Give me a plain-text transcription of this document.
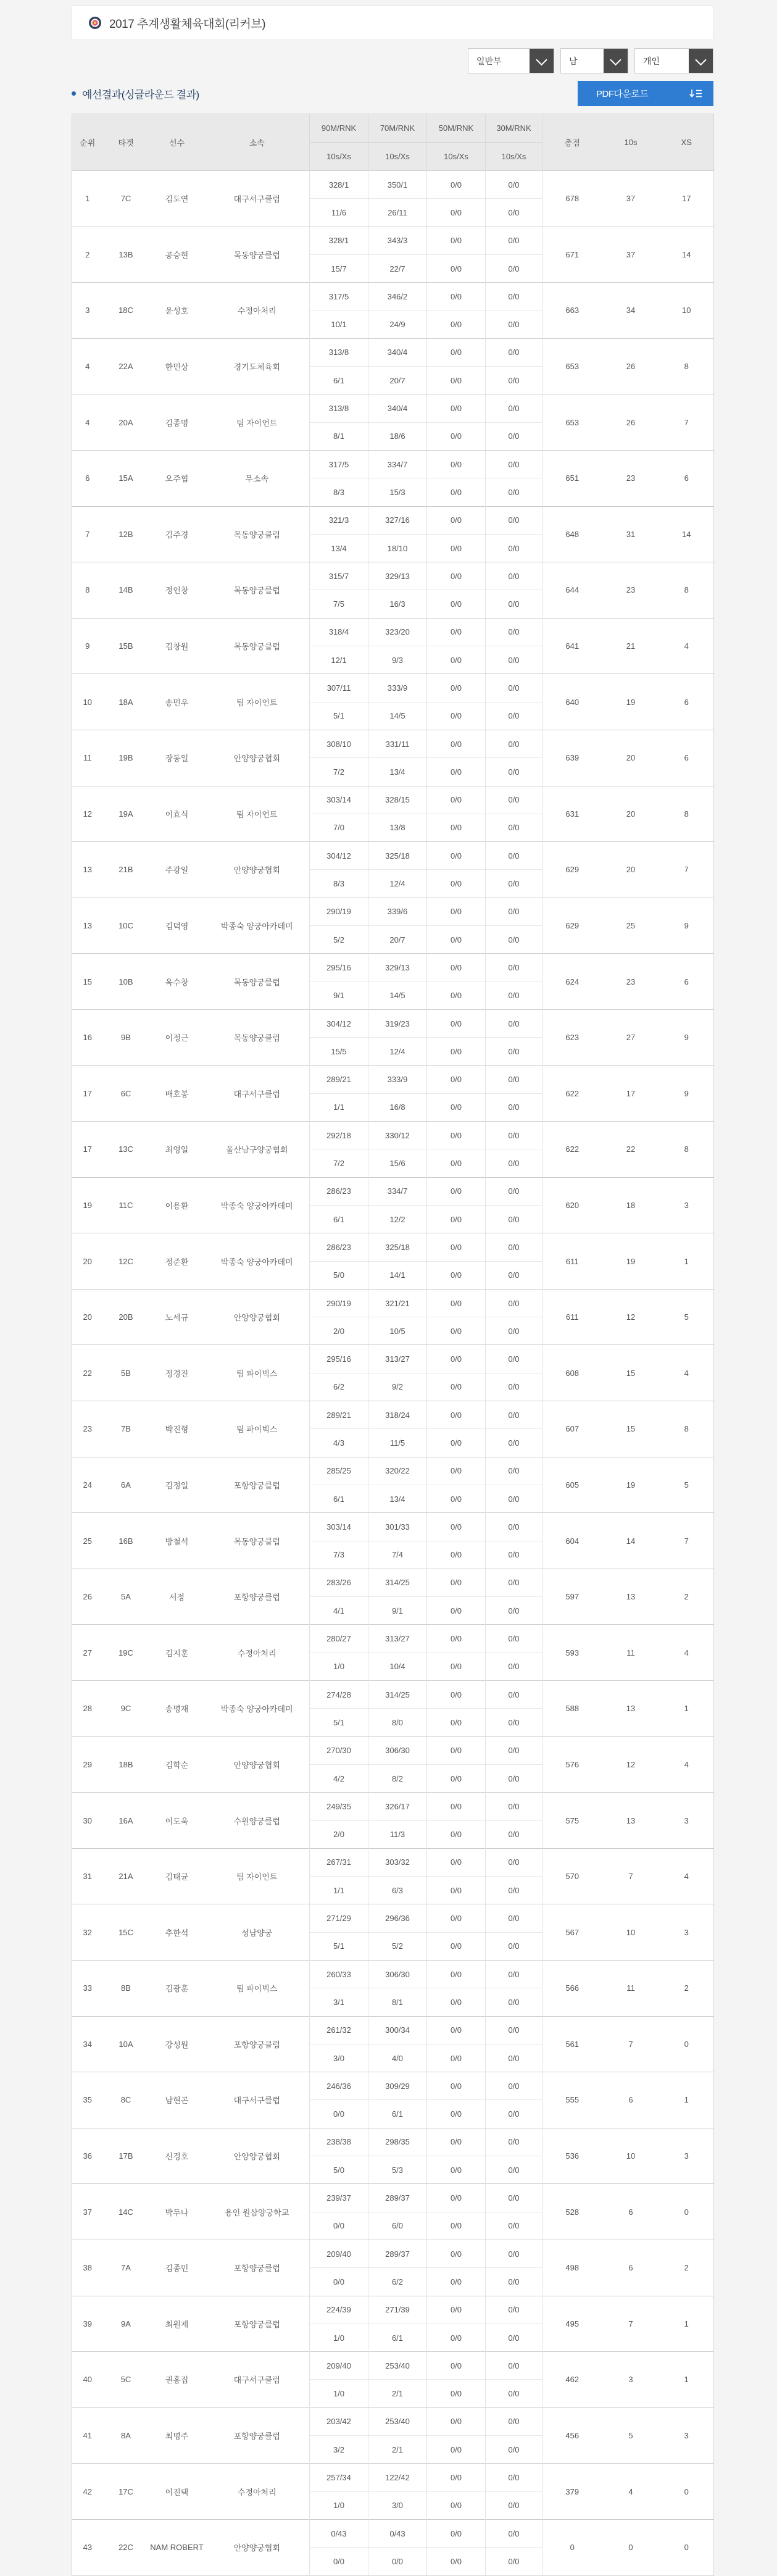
2017 추계생활체육대회(리커브)
일반부	남	개인
예선결과(싱글라운드 결과)	PDF다운로드
순위	타겟	선수	소속	90M/RNK	70M/RNK	50M/RNK	30M/RNK	총점	10s	XS
				10s/Xs	10s/Xs	10s/Xs	10s/Xs			
1	7C	김도연	대구서구클럽	328/1	350/1	0/0	0/0	678	37	17
				11/6	26/11	0/0	0/0			
2	13B	공승현	목동양궁클럽	328/1	343/3	0/0	0/0	671	37	14
				15/7	22/7	0/0	0/0			
3	18C	윤성호	수정아처리	317/5	346/2	0/0	0/0	663	34	10
				10/1	24/9	0/0	0/0			
4	22A	한민상	경기도체육회	313/8	340/4	0/0	0/0	653	26	8
				6/1	20/7	0/0	0/0			
4	20A	김종명	팀 자이언트	313/8	340/4	0/0	0/0	653	26	7
				8/1	18/6	0/0	0/0			
6	15A	오주협	무소속	317/5	334/7	0/0	0/0	651	23	6
				8/3	15/3	0/0	0/0			
7	12B	김주경	목동양궁클럽	321/3	327/16	0/0	0/0	648	31	14
				13/4	18/10	0/0	0/0			
8	14B	정인창	목동양궁클럽	315/7	329/13	0/0	0/0	644	23	8
				7/5	16/3	0/0	0/0			
9	15B	김창원	목동양궁클럽	318/4	323/20	0/0	0/0	641	21	4
				12/1	9/3	0/0	0/0			
10	18A	송민우	팀 자이언트	307/11	333/9	0/0	0/0	640	19	6
				5/1	14/5	0/0	0/0			
11	19B	장동일	안양양궁협회	308/10	331/11	0/0	0/0	639	20	6
				7/2	13/4	0/0	0/0			
12	19A	이효식	팀 자이언트	303/14	328/15	0/0	0/0	631	20	8
				7/0	13/8	0/0	0/0			
13	21B	주광일	안양양궁협회	304/12	325/18	0/0	0/0	629	20	7
				8/3	12/4	0/0	0/0			
13	10C	김덕영	박종숙 양궁아카데미	290/19	339/6	0/0	0/0	629	25	9
				5/2	20/7	0/0	0/0			
15	10B	옥수창	목동양궁클럽	295/16	329/13	0/0	0/0	624	23	6
				9/1	14/5	0/0	0/0			
16	9B	이정근	목동양궁클럽	304/12	319/23	0/0	0/0	623	27	9
				15/5	12/4	0/0	0/0			
17	6C	배호봉	대구서구클럽	289/21	333/9	0/0	0/0	622	17	9
				1/1	16/8	0/0	0/0			
17	13C	최영일	울산남구양궁협회	292/18	330/12	0/0	0/0	622	22	8
				7/2	15/6	0/0	0/0			
19	11C	이용환	박종숙 양궁아카데미	286/23	334/7	0/0	0/0	620	18	3
				6/1	12/2	0/0	0/0			
20	12C	정준환	박종숙 양궁아카데미	286/23	325/18	0/0	0/0	611	19	1
				5/0	14/1	0/0	0/0			
20	20B	노세규	안양양궁협회	290/19	321/21	0/0	0/0	611	12	5
				2/0	10/5	0/0	0/0			
22	5B	정경진	팀 파이빅스	295/16	313/27	0/0	0/0	608	15	4
				6/2	9/2	0/0	0/0			
23	7B	박진형	팀 파이빅스	289/21	318/24	0/0	0/0	607	15	8
				4/3	11/5	0/0	0/0			
24	6A	김정일	포항양궁클럽	285/25	320/22	0/0	0/0	605	19	5
				6/1	13/4	0/0	0/0			
25	16B	방철석	목동양궁클럽	303/14	301/33	0/0	0/0	604	14	7
				7/3	7/4	0/0	0/0			
26	5A	서정	포항양궁클럽	283/26	314/25	0/0	0/0	597	13	2
				4/1	9/1	0/0	0/0			
27	19C	김지훈	수정아처리	280/27	313/27	0/0	0/0	593	11	4
				1/0	10/4	0/0	0/0			
28	9C	송명재	박종숙 양궁아카데미	274/28	314/25	0/0	0/0	588	13	1
				5/1	8/0	0/0	0/0			
29	18B	김학순	안양양궁협회	270/30	306/30	0/0	0/0	576	12	4
				4/2	8/2	0/0	0/0			
30	16A	이도욱	수원양궁클럽	249/35	326/17	0/0	0/0	575	13	3
				2/0	11/3	0/0	0/0			
31	21A	김태균	팀 자이언트	267/31	303/32	0/0	0/0	570	7	4
				1/1	6/3	0/0	0/0			
32	15C	추한석	성남양궁	271/29	296/36	0/0	0/0	567	10	3
				5/1	5/2	0/0	0/0			
33	8B	김광훈	팀 파이빅스	260/33	306/30	0/0	0/0	566	11	2
				3/1	8/1	0/0	0/0			
34	10A	강성원	포항양궁클럽	261/32	300/34	0/0	0/0	561	7	0
				3/0	4/0	0/0	0/0			
35	8C	남현곤	대구서구클럽	246/36	309/29	0/0	0/0	555	6	1
				0/0	6/1	0/0	0/0			
36	17B	신경호	안양양궁협회	238/38	298/35	0/0	0/0	536	10	3
				5/0	5/3	0/0	0/0			
37	14C	박두나	용인 원삼양궁학교	239/37	289/37	0/0	0/0	528	6	0
				0/0	6/0	0/0	0/0			
38	7A	김종민	포항양궁클럽	209/40	289/37	0/0	0/0	498	6	2
				0/0	6/2	0/0	0/0			
39	9A	최원제	포항양궁클럽	224/39	271/39	0/0	0/0	495	7	1
				1/0	6/1	0/0	0/0			
40	5C	권홍집	대구서구클럽	209/40	253/40	0/0	0/0	462	3	1
				1/0	2/1	0/0	0/0			
41	8A	최명주	포항양궁클럽	203/42	253/40	0/0	0/0	456	5	3
				3/2	2/1	0/0	0/0			
42	17C	이진택	수정아처리	257/34	122/42	0/0	0/0	379	4	0
				1/0	3/0	0/0	0/0			
43	22C	NAM ROBERT	안양양궁협회	0/43	0/43	0/0	0/0	0	0	0
				0/0	0/0	0/0	0/0			
